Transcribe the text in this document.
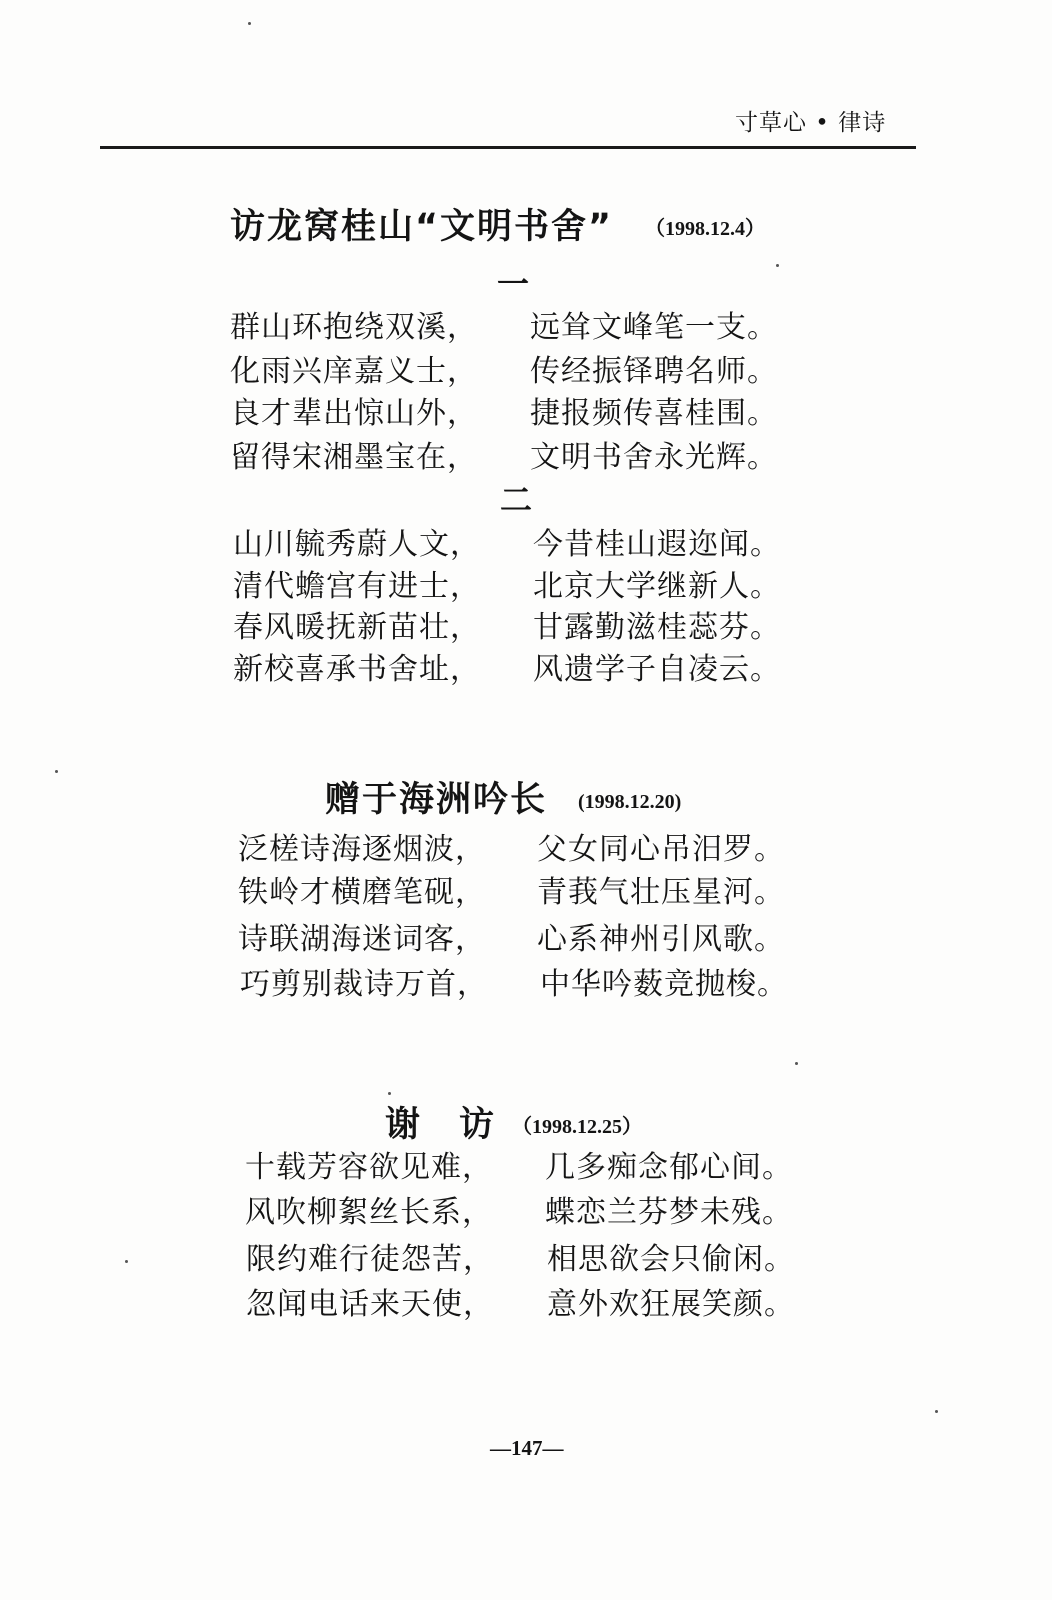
寸草心 • 律诗
访龙窝桂山“文明书舍” （1998.12.4）
一
群山环抱绕双溪， 远耸文峰笔一支。
化雨兴庠嘉义士， 传经振铎聘名师。
良才辈出惊山外， 捷报频传喜桂围。
留得宋湘墨宝在， 文明书舍永光辉。
二
山川毓秀蔚人文， 今昔桂山遐迩闻。
清代蟾宫有进士， 北京大学继新人。
春风暖抚新苗壮， 甘露勤滋桂蕊芬。
新校喜承书舍址， 风遗学子自凌云。
赠于海洲吟长 (1998.12.20)
泛槎诗海逐烟波， 父女同心吊汨罗。
铁岭才横磨笔砚， 青莪气壮压星河。
诗联湖海迷词客， 心系神州引风歌。
巧剪别裁诗万首， 中华吟薮竞抛梭。
谢　访 （1998.12.25）
十载芳容欲见难， 几多痴念郁心间。
风吹柳絮丝长系， 蝶恋兰芬梦未残。
限约难行徒怨苦， 相思欲会只偷闲。
忽闻电话来天使， 意外欢狂展笑颜。
—147—
